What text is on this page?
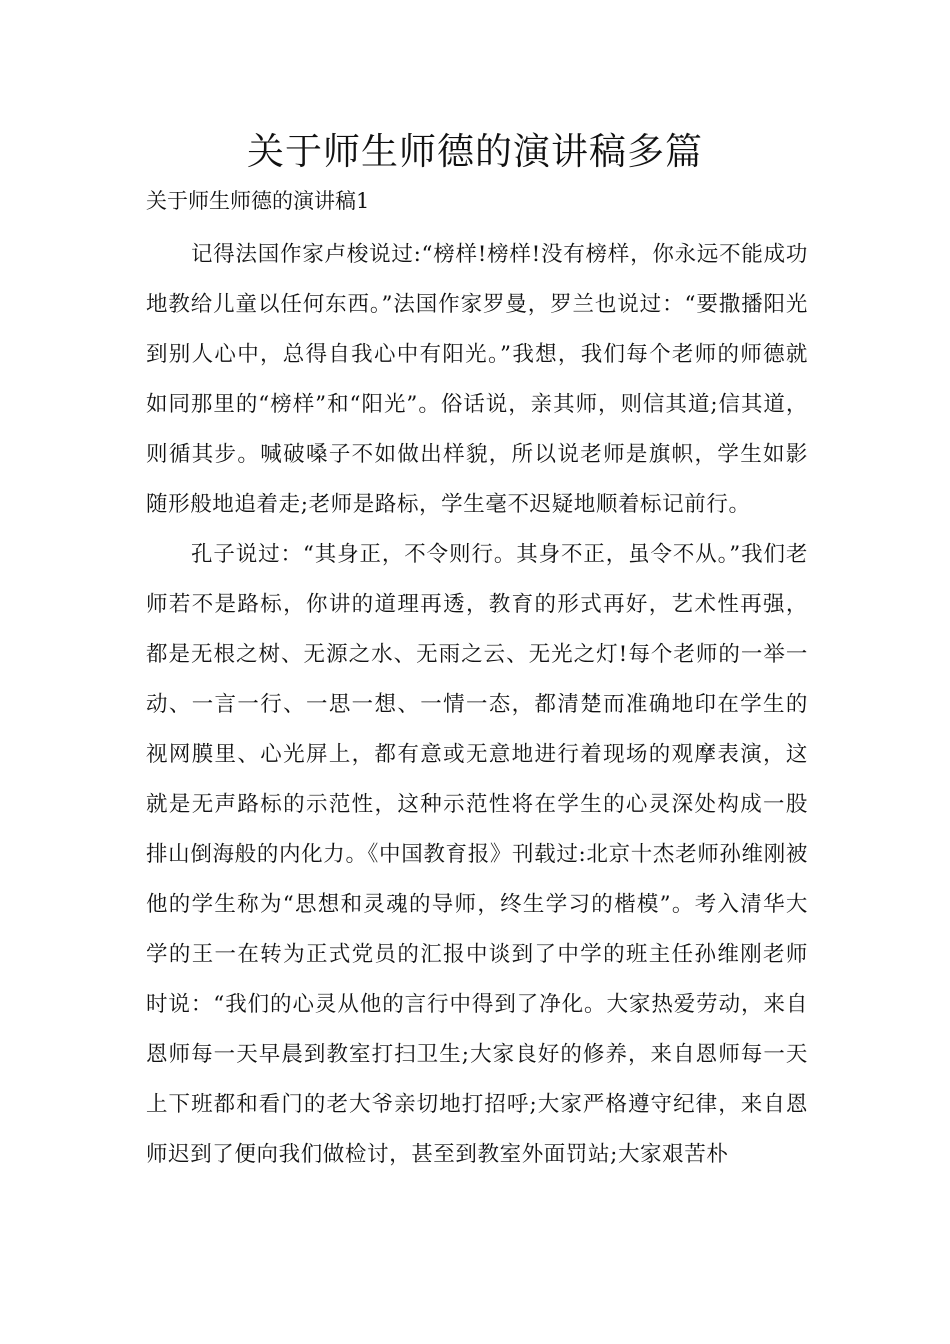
关于师生师德的演讲稿多篇

关于师生师德的演讲稿1

记得法国作家卢梭说过:“榜样!榜样!没有榜样，你永远不能成功地教给儿童以任何东西。”法国作家罗曼，罗兰也说过：“要撒播阳光到别人心中，总得自我心中有阳光。”我想，我们每个老师的师德就如同那里的“榜样”和“阳光”。俗话说，亲其师，则信其道;信其道，则循其步。喊破嗓子不如做出样貌，所以说老师是旗帜，学生如影随形般地追着走;老师是路标，学生毫不迟疑地顺着标记前行。

孔子说过：“其身正，不令则行。其身不正，虽令不从。”我们老师若不是路标，你讲的道理再透，教育的形式再好，艺术性再强，都是无根之树、无源之水、无雨之云、无光之灯!每个老师的一举一动、一言一行、一思一想、一情一态，都清楚而准确地印在学生的视网膜里、心光屏上，都有意或无意地进行着现场的观摩表演，这就是无声路标的示范性，这种示范性将在学生的心灵深处构成一股排山倒海般的内化力。《中国教育报》刊载过:北京十杰老师孙维刚被他的学生称为“思想和灵魂的导师，终生学习的楷模”。考入清华大学的王一在转为正式党员的汇报中谈到了中学的班主任孙维刚老师时说：“我们的心灵从他的言行中得到了净化。大家热爱劳动，来自恩师每一天早晨到教室打扫卫生;大家良好的修养，来自恩师每一天上下班都和看门的老大爷亲切地打招呼;大家严格遵守纪律，来自恩师迟到了便向我们做检讨，甚至到教室外面罚站;大家艰苦朴
